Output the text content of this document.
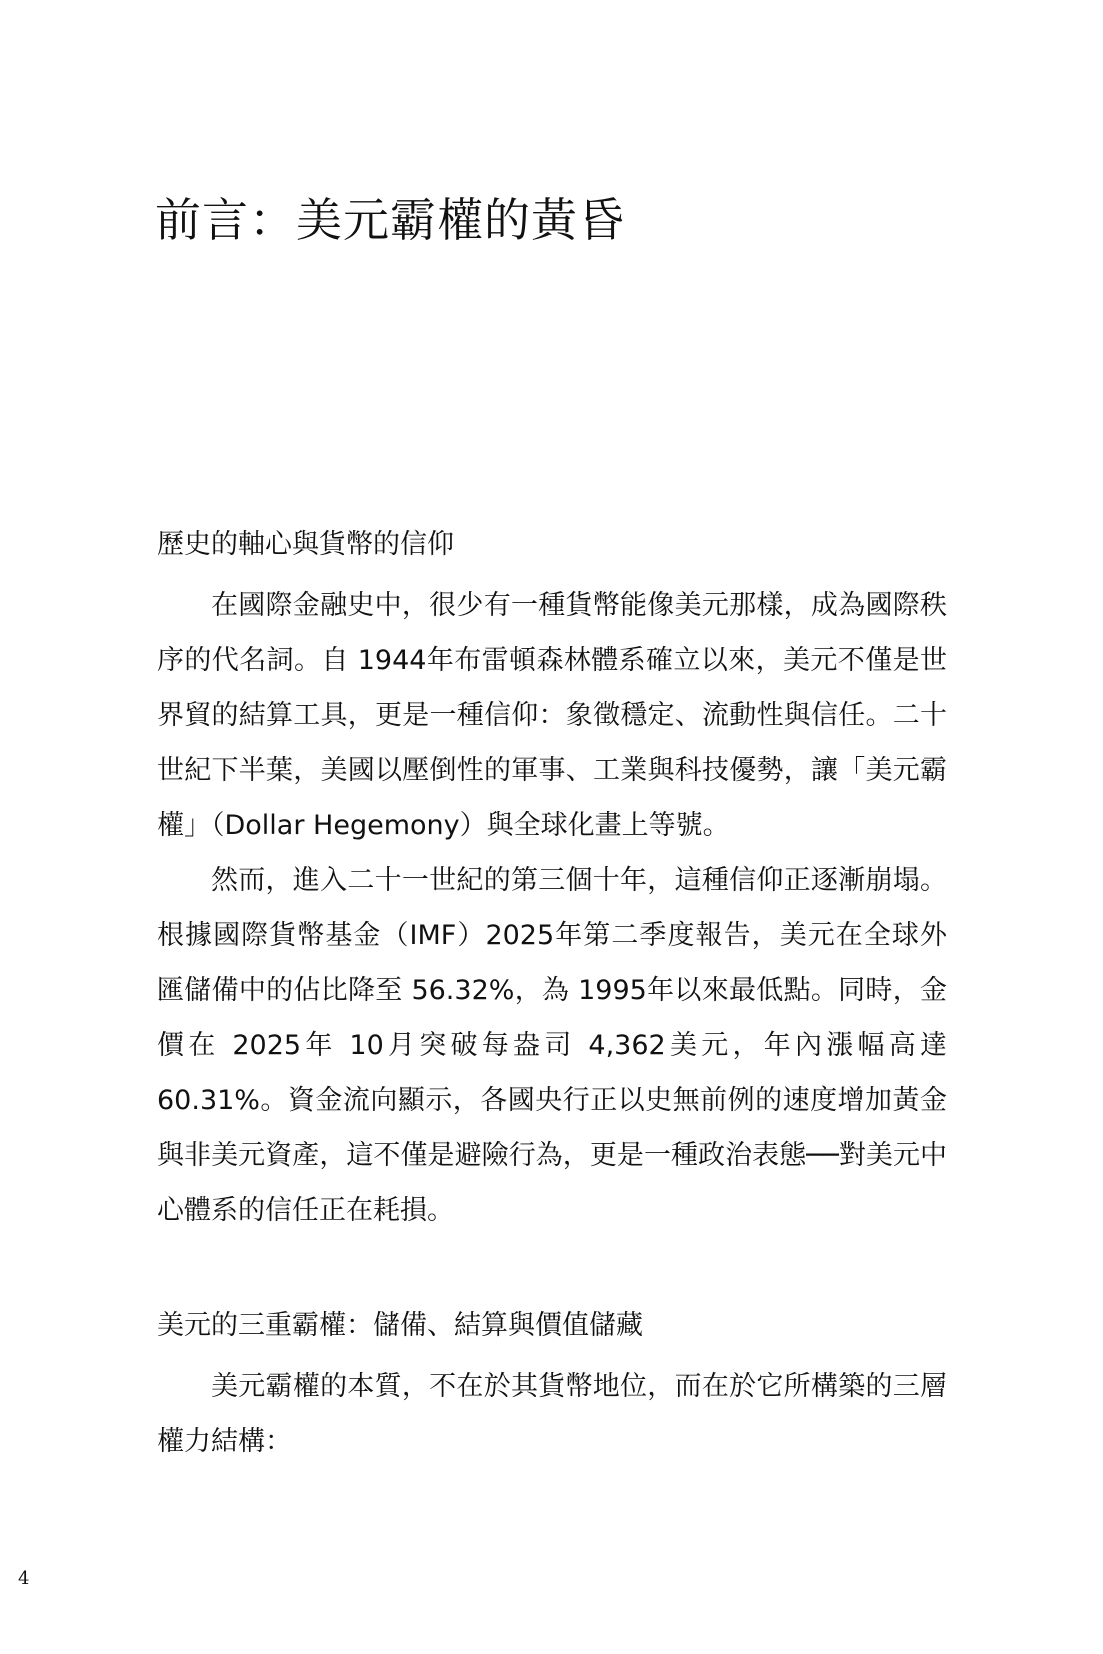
前言：美元霸權的黃昏
歷史的軸心與貨幣的信仰

在國際金融史中，很少有一種貨幣能像美元那樣，成為國際秩序的代名詞。自 1944年布雷頓森林體系確立以來，美元不僅是世界貿的結算工具，更是一種信仰：象徵穩定、流動性與信任。二十世紀下半葉，美國以壓倒性的軍事、工業與科技優勢，讓「美元霸權」（Dollar Hegemony）與全球化畫上等號。

然而，進入二十一世紀的第三個十年，這種信仰正逐漸崩塌。根據國際貨幣基金（IMF）2025年第二季度報告，美元在全球外匯儲備中的佔比降至 56.32%，為 1995年以來最低點。同時，金價在 2025年 10月突破每盎司 4,362美元，年內漲幅高達 60.31%。資金流向顯示，各國央行正以史無前例的速度增加黃金與非美元資產，這不僅是避險行為，更是一種政治表態──對美元中心體系的信任正在耗損。

美元的三重霸權：儲備、結算與價值儲藏

美元霸權的本質，不在於其貨幣地位，而在於它所構築的三層權力結構：

4
